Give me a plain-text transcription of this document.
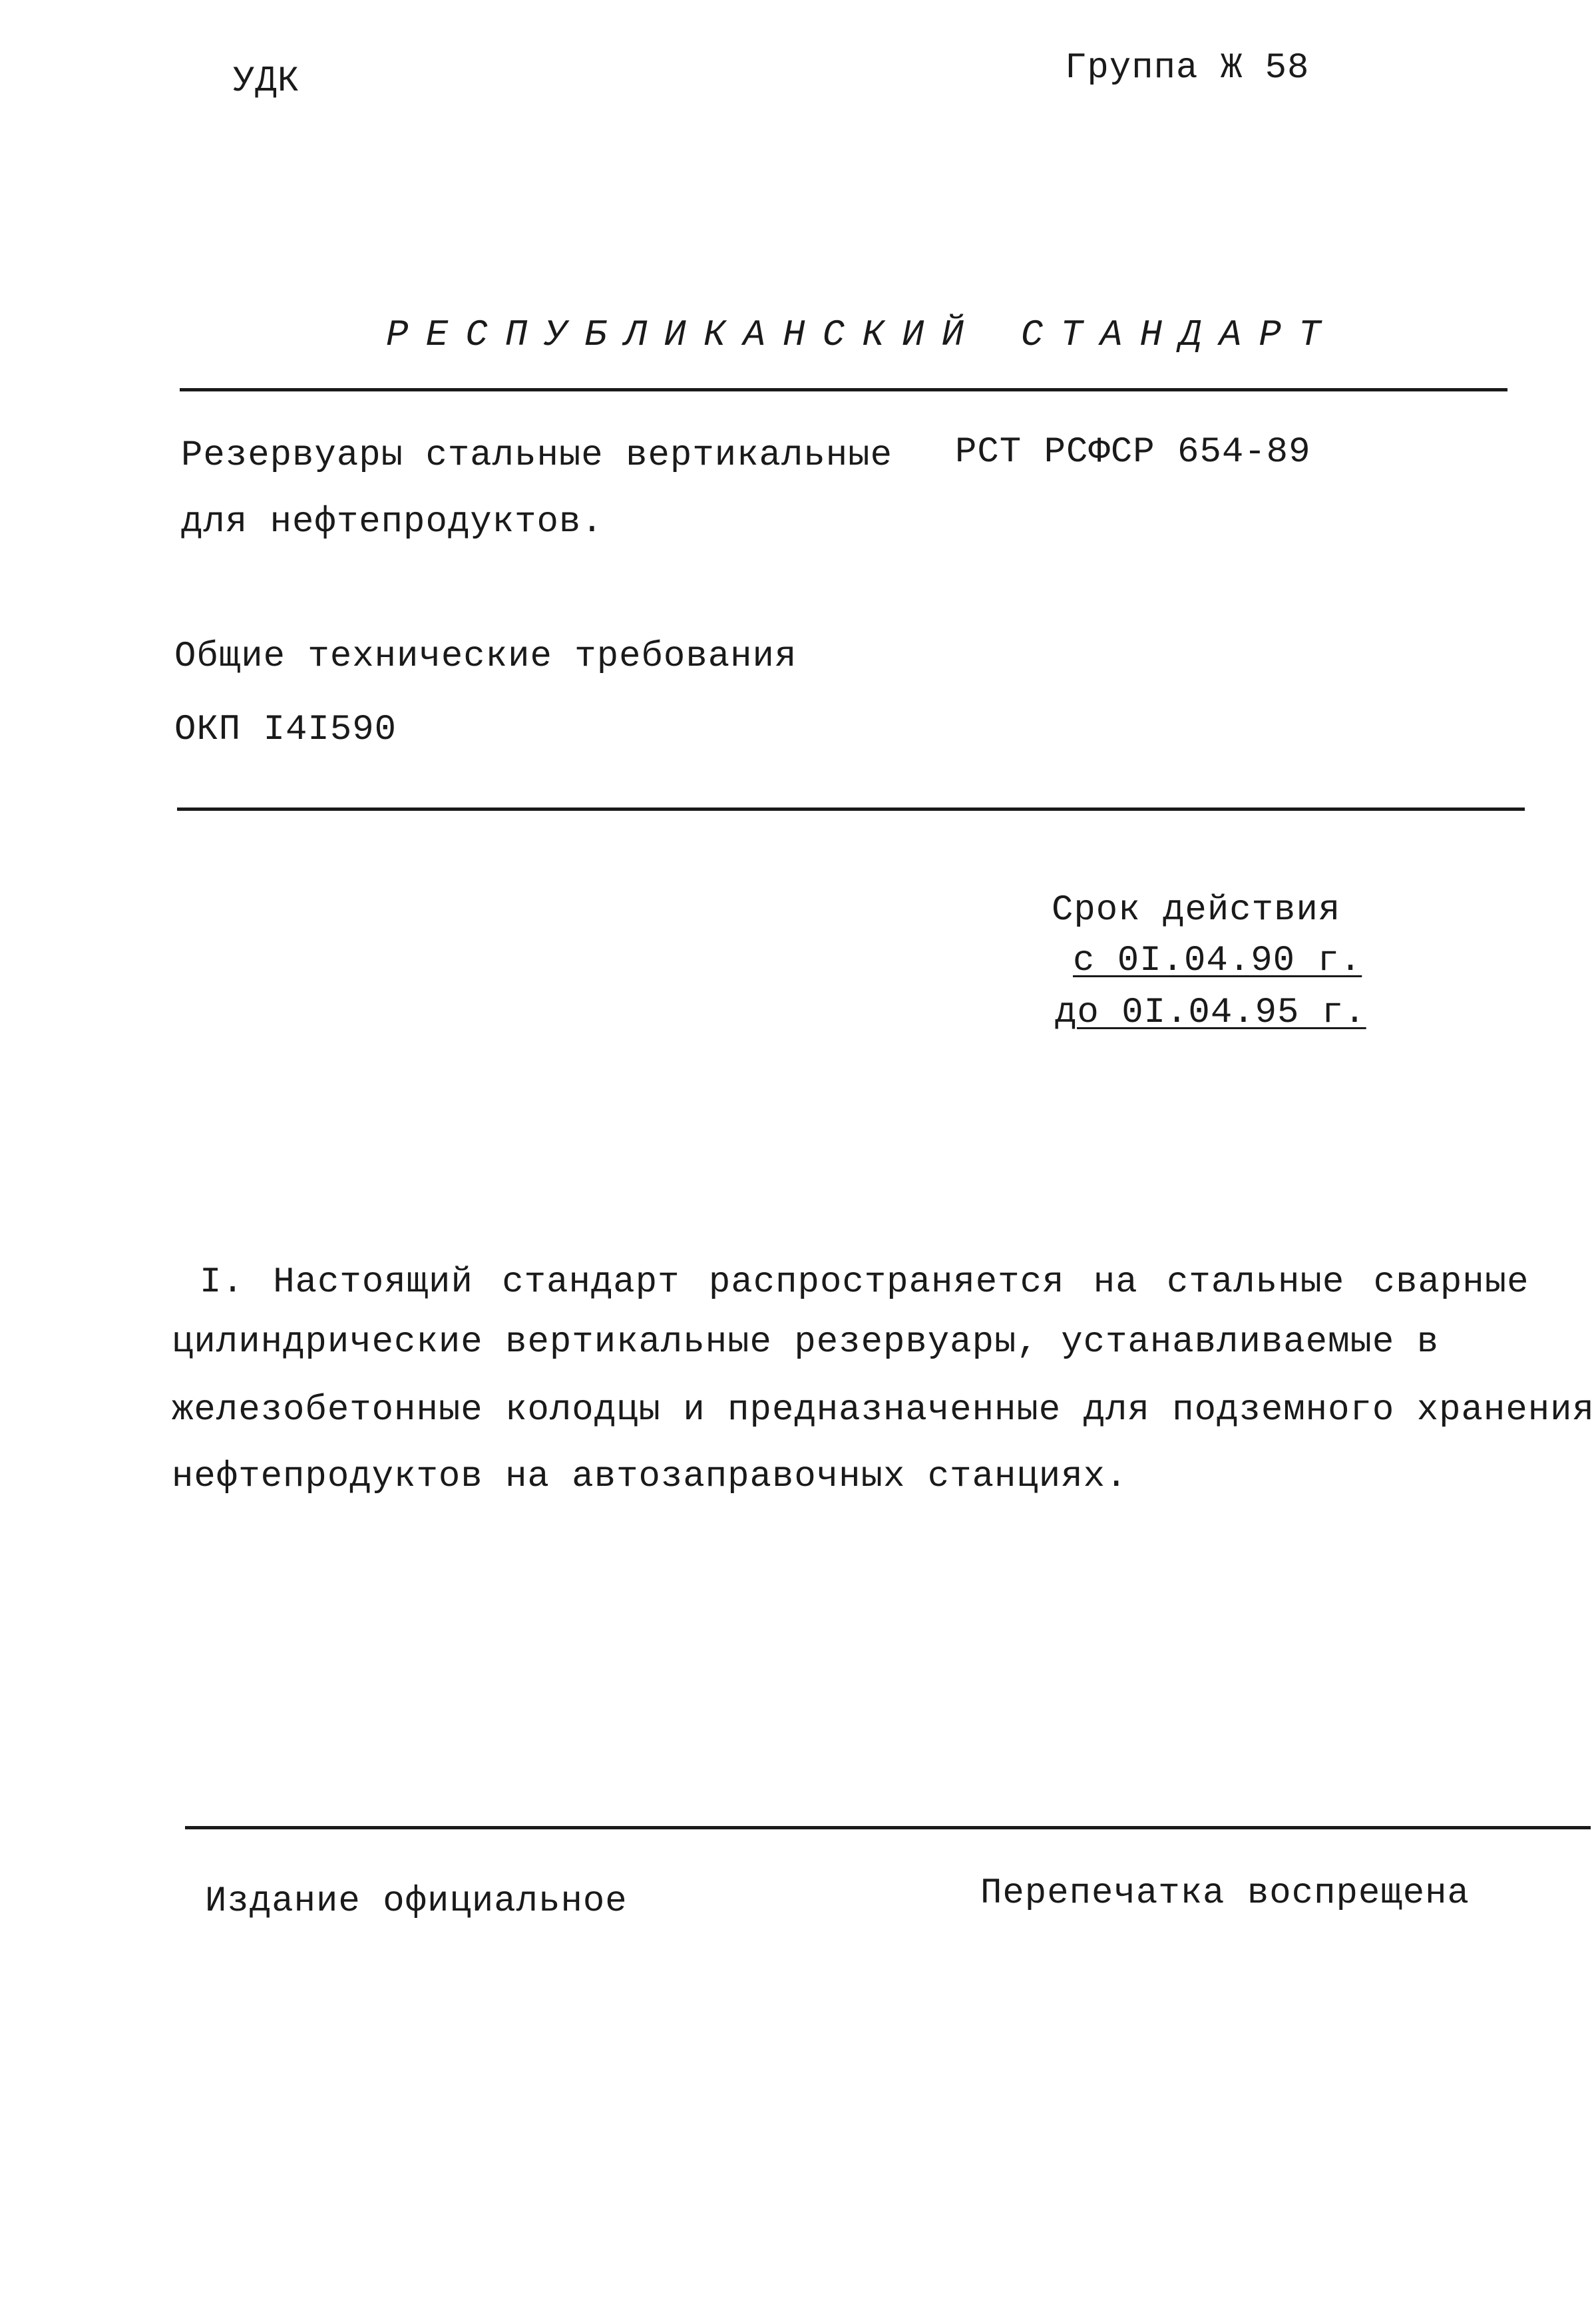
УДК	Группа Ж 58
РЕСПУБЛИКАНСКИЙ СТАНДАРТ
Резервуары стальные вертикальные РСТ РСФСР 654-89
для нефтепродуктов.
Общие технические требования
ОКП I4I590
Срок действия
с 0I.04.90 г.
до 0I.04.95 г.
I. Настоящий стандарт распространяется на стальные сварные
цилиндрические вертикальные резервуары, устанавливаемые в
железобетонные колодцы и предназначенные для подземного хранения
нефтепродуктов на автозаправочных станциях.
Издание официальное	Перепечатка воспрещена
